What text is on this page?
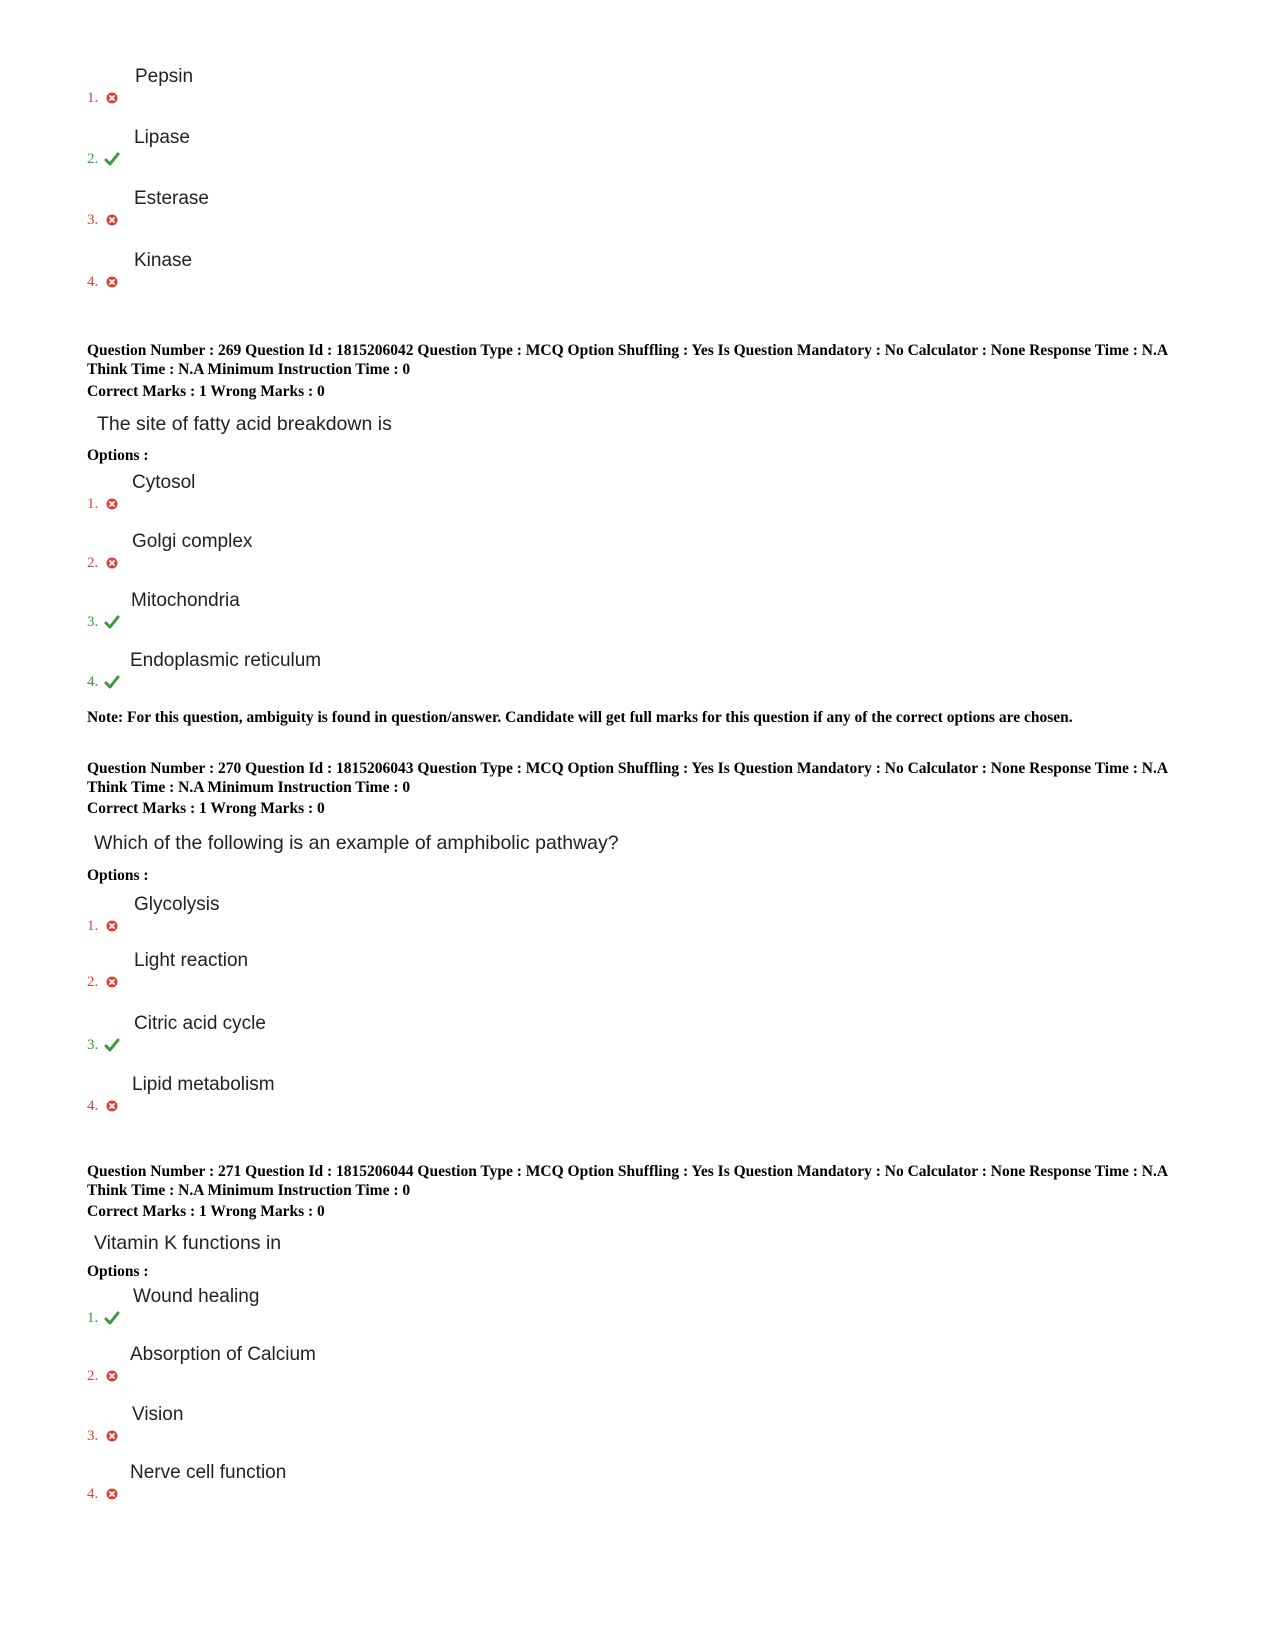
1.
Pepsin
2.
Lipase
3.
Esterase
4.
Kinase
Question Number : 269 Question Id : 1815206042 Question Type : MCQ Option Shuffling : Yes Is Question Mandatory : No Calculator : None Response Time : N.A Think Time : N.A Minimum Instruction Time : 0
Correct Marks : 1 Wrong Marks : 0
The site of fatty acid breakdown is
Options :
1.
Cytosol
2.
Golgi complex
3.
Mitochondria
4.
Endoplasmic reticulum
Note: For this question, ambiguity is found in question/answer. Candidate will get full marks for this question if any of the correct options are chosen.
Question Number : 270 Question Id : 1815206043 Question Type : MCQ Option Shuffling : Yes Is Question Mandatory : No Calculator : None Response Time : N.A Think Time : N.A Minimum Instruction Time : 0
Correct Marks : 1 Wrong Marks : 0
Which of the following is an example of amphibolic pathway?
Options :
1.
Glycolysis
2.
Light reaction
3.
Citric acid cycle
4.
Lipid metabolism
Question Number : 271 Question Id : 1815206044 Question Type : MCQ Option Shuffling : Yes Is Question Mandatory : No Calculator : None Response Time : N.A Think Time : N.A Minimum Instruction Time : 0
Correct Marks : 1 Wrong Marks : 0
Vitamin K functions in
Options :
1.
Wound healing
2.
Absorption of Calcium
3.
Vision
4.
Nerve cell function
